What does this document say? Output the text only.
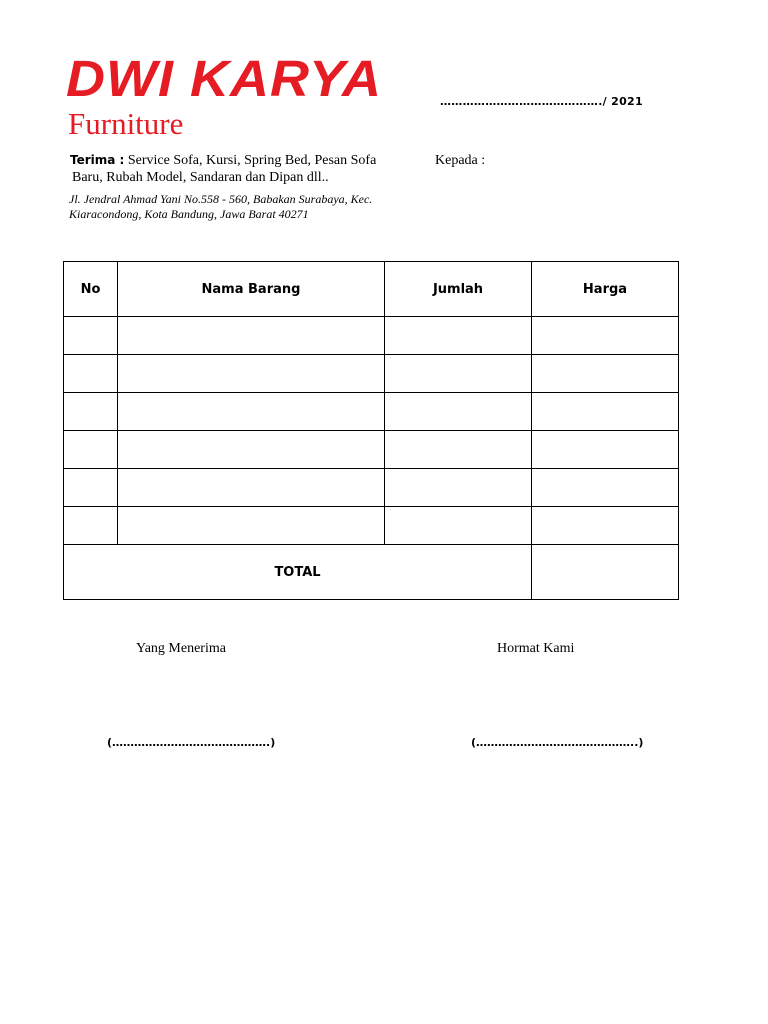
DWI KARYA
Furniture
……………………………………./ 2021
Terima : Service Sofa, Kursi, Spring Bed, Pesan Sofa
Baru, Rubah Model, Sandaran dan Dipan dll..
Kepada :
Jl. Jendral Ahmad Yani No.558 - 560, Babakan Surabaya, Kec.
Kiaracondong, Kota Bandung, Jawa Barat 40271
No	Nama Barang	Jumlah	Harga

TOTAL			
Yang Menerima	Hormat Kami
(…………………………………….)	(……………………………………..)
